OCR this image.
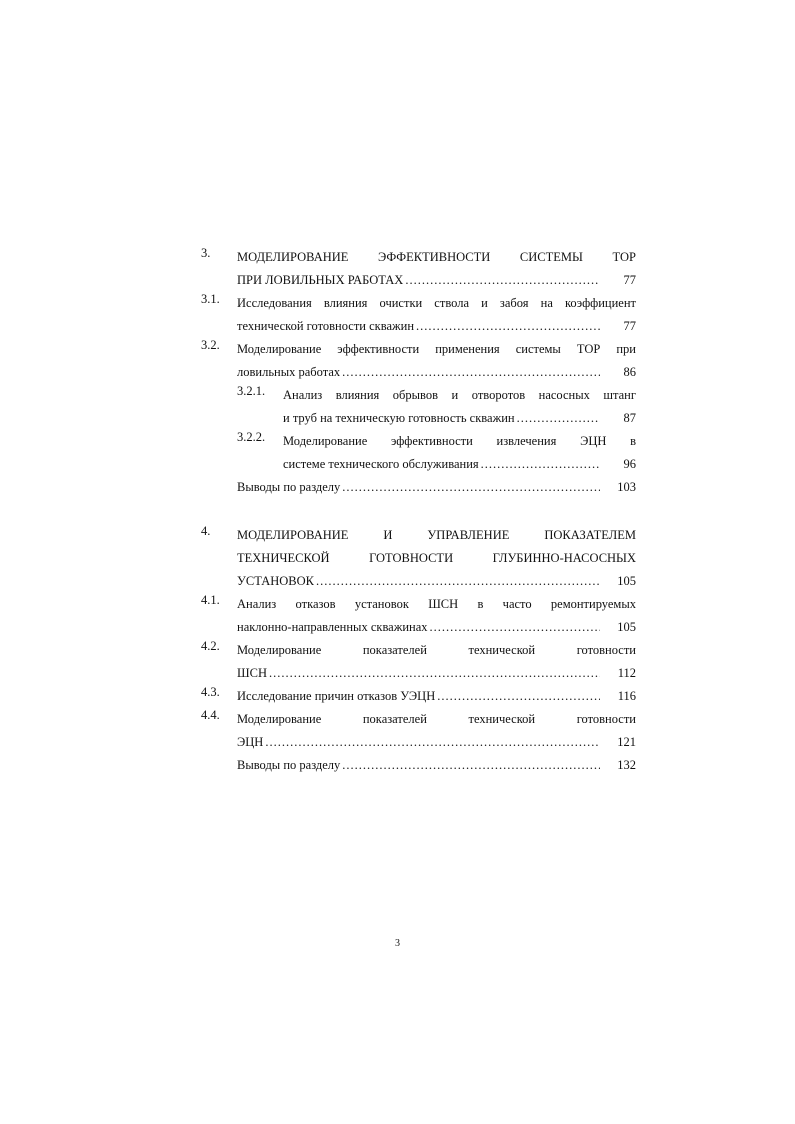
3.	МОДЕЛИРОВАНИЕ ЭФФЕКТИВНОСТИ СИСТЕМЫ ТОР
ПРИ ЛОВИЛЬНЫХ РАБОТАХ .....	77
3.1.	Исследования влияния очистки ствола и забоя на коэффициент
технической готовности скважин .....	77
3.2.	Моделирование эффективности применения системы ТОР при
ловильных работах .....	86
3.2.1.	Анализ влияния обрывов и отворотов насосных штанг
и труб на техническую готовность скважин .....	87
3.2.2.	Моделирование эффективности извлечения ЭЦН в
системе технического обслуживания .....	96
Выводы по разделу .....	103
4.	МОДЕЛИРОВАНИЕ И УПРАВЛЕНИЕ ПОКАЗАТЕЛЕМ
ТЕХНИЧЕСКОЙ ГОТОВНОСТИ ГЛУБИННО-НАСОСНЫХ
УСТАНОВОК .....	105
4.1.	Анализ отказов установок ШСН в часто ремонтируемых
наклонно-направленных скважинах .....	105
4.2.	Моделирование показателей технической готовности
ШСН .....	112
4.3. Исследование причин отказов УЭЦН .....	116
4.4.	Моделирование показателей технической готовности
ЭЦН .....	121
Выводы по разделу .....	132
3
